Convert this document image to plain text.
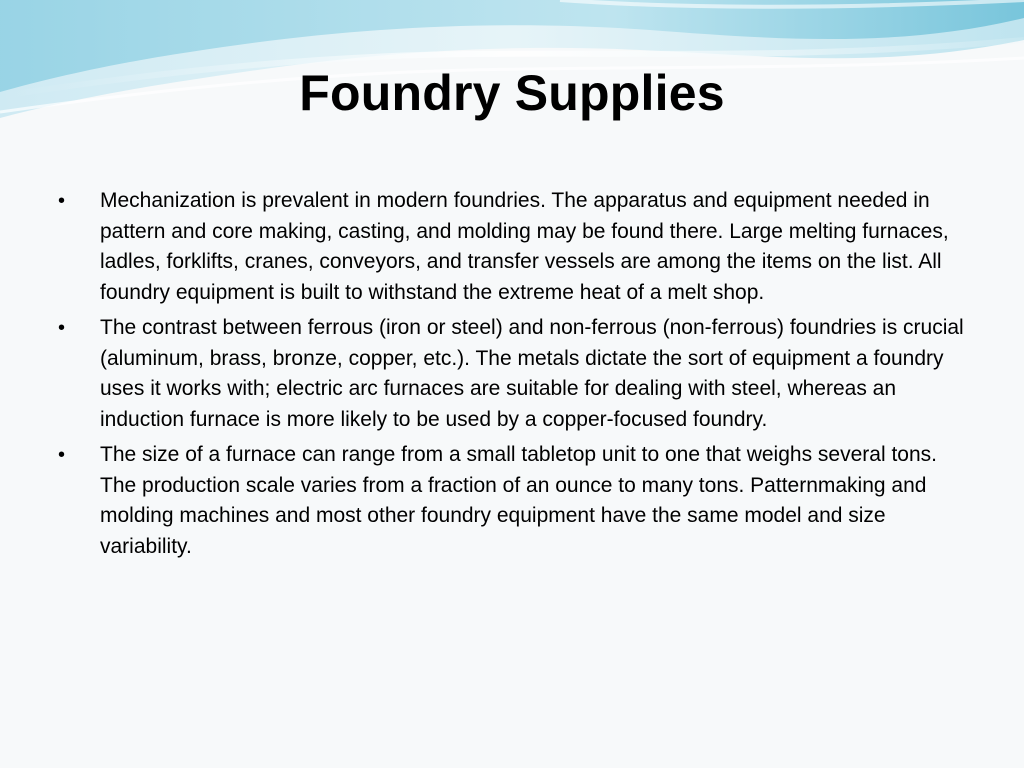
Foundry Supplies
• Mechanization is prevalent in modern foundries. The apparatus and equipment needed in pattern and core making, casting, and molding may be found there. Large melting furnaces, ladles, forklifts, cranes, conveyors, and transfer vessels are among the items on the list. All foundry equipment is built to withstand the extreme heat of a melt shop.
• The contrast between ferrous (iron or steel) and non-ferrous (non-ferrous) foundries is crucial (aluminum, brass, bronze, copper, etc.). The metals dictate the sort of equipment a foundry uses it works with; electric arc furnaces are suitable for dealing with steel, whereas an induction furnace is more likely to be used by a copper-focused foundry.
• The size of a furnace can range from a small tabletop unit to one that weighs several tons. The production scale varies from a fraction of an ounce to many tons. Patternmaking and molding machines and most other foundry equipment have the same model and size variability.
